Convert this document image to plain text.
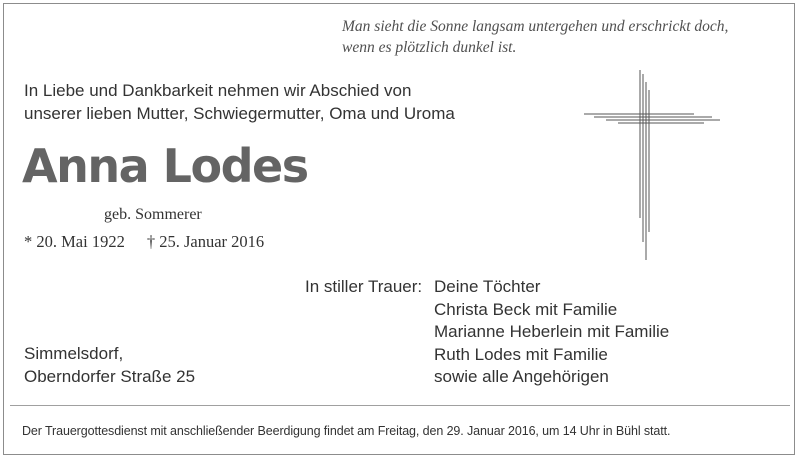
Man sieht die Sonne langsam untergehen und erschrickt doch,
wenn es plötzlich dunkel ist.
In Liebe und Dankbarkeit nehmen wir Abschied von
unserer lieben Mutter, Schwiegermutter, Oma und Uroma
Anna Lodes
geb. Sommerer
* 20. Mai 1922 † 25. Januar 2016
In stiller Trauer: Deine Töchter
Christa Beck mit Familie
Marianne Heberlein mit Familie
Ruth Lodes mit Familie
sowie alle Angehörigen
Simmelsdorf,
Oberndorfer Straße 25
Der Trauergottesdienst mit anschließender Beerdigung findet am Freitag, den 29. Januar 2016, um 14 Uhr in Bühl statt.
